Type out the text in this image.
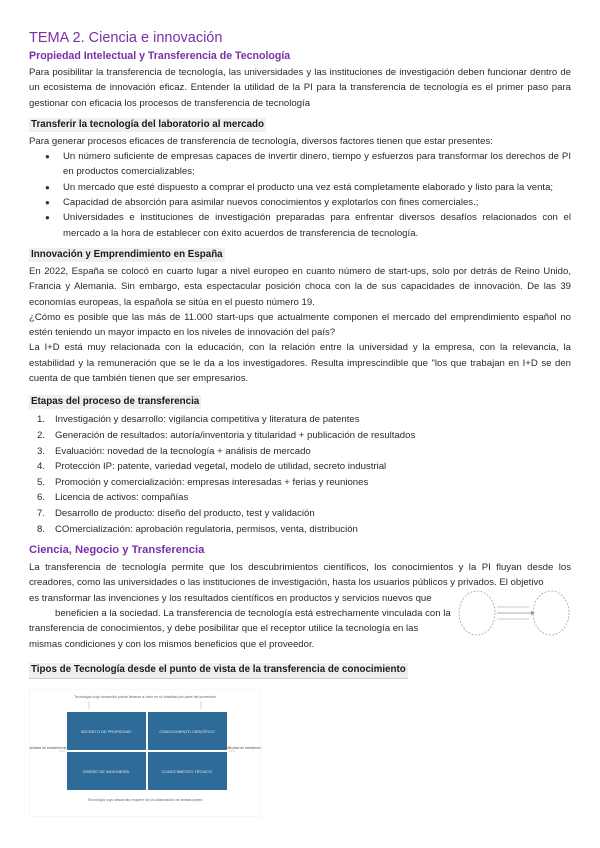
TEMA 2. Ciencia e innovación
Propiedad Intelectual y Transferencia de Tecnología
Para posibilitar la transferencia de tecnología, las universidades y las instituciones de investigación deben funcionar dentro de un ecosistema de innovación eficaz. Entender la utilidad de la PI para la transferencia de tecnología es el primer paso para gestionar con eficacia los procesos de transferencia de tecnología
Transferir la tecnología del laboratorio al mercado
Para generar procesos eficaces de transferencia de tecnología, diversos factores tienen que estar presentes:
● Un número suficiente de empresas capaces de invertir dinero, tiempo y esfuerzos para transformar los derechos de PI en productos comercializables;
● Un mercado que esté dispuesto a comprar el producto una vez está completamente elaborado y listo para la venta;
● Capacidad de absorción para asimilar nuevos conocimientos y explotarlos con fines comerciales.;
● Universidades e instituciones de investigación preparadas para enfrentar diversos desafíos relacionados con el mercado a la hora de establecer con éxito acuerdos de transferencia de tecnología.
Innovación y Emprendimiento en España
En 2022, España se colocó en cuarto lugar a nivel europeo en cuanto número de start-ups, solo por detrás de Reino Unido, Francia y Alemania. Sin embargo, esta espectacular posición choca con la de sus capacidades de innovación. De las 39 economías europeas, la española se sitúa en el puesto número 19.
¿Cómo es posible que las más de 11.000 start-ups que actualmente componen el mercado del emprendimiento español no estén teniendo un mayor impacto en los niveles de innovación del país?
La I+D está muy relacionada con la educación, con la relación entre la universidad y la empresa, con la relevancia, la estabilidad y la remuneración que se le da a los investigadores. Resulta imprescindible que "los que trabajan en I+D se den cuenta de que también tienen que ser empresarios.
Etapas del proceso de transferencia
1.	Investigación y desarrollo: vigilancia competitiva y literatura de patentes
2.	Generación de resultados: autoría/inventoria y titularidad + publicación de resultados
3.	Evaluación: novedad de la tecnología + análisis de mercado
4.	Protección IP: patente, variedad vegetal, modelo de utilidad, secreto industrial
5.	Promoción y comercialización: empresas interesadas + ferias y reuniones
6.	Licencia de activos: compañías
7.	Desarrollo de producto: diseño del producto, test y validación
8.	COmercialización: aprobación regulatoria, permisos, venta, distribución
Ciencia, Negocio y Transferencia
La transferencia de tecnología permite que los descubrimientos científicos, los conocimientos y la PI fluyan desde los creadores, como las universidades o las instituciones de investigación, hasta los usuarios públicos y privados. El objetivo
es transformar las invenciones y los resultados científicos en productos y servicios nuevos que
beneficien a la sociedad. La transferencia de tecnología está estrechamente vinculada con la
transferencia de conocimientos, y debe posibilitar que el receptor utilice la tecnología en las
mismas condiciones y con los mismos beneficios que el proveedor.
Tipos de Tecnología desde el punto de vista de la transferencia de conocimiento
Tecnología cuyo desarrollo puede llevarse a cabo en su totalidad por parte del proveedor
SECRETO DE PROPIEDAD	CONOCIMIENTO CIENTÍFICO
DISEÑO DE INGENIERÍA	CONOCIMIENTO TÉCNICO
Facilidad de transferencia	Dificultad de transferencia
Tecnología cuyo desarrollo requiere de la colaboración de ambas partes
